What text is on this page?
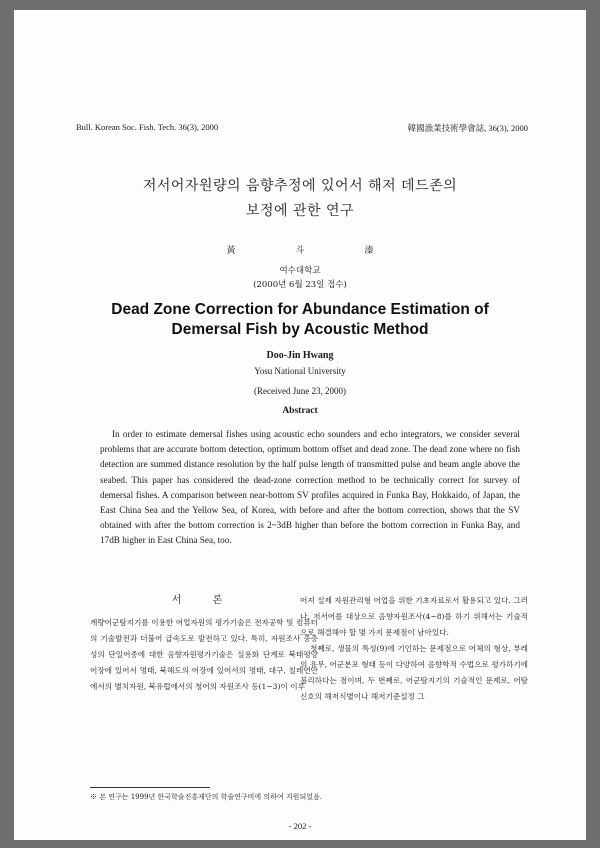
Bull. Korean Soc. Fish. Tech. 36(3), 2000	韓國漁業技術學會誌, 36(3), 2000
저서어자원량의 음향추정에 있어서 해저 데드존의
보정에 관한 연구
黃	斗	溱
여수대학교
(2000년 6월 23일 접수)
Dead Zone Correction for Abundance Estimation of
Demersal Fish by Acoustic Method
Doo-Jin Hwang
Yosu National University
(Received June 23, 2000)
Abstract
In order to estimate demersal fishes using acoustic echo sounders and echo integrators, we consider several problems that are accurate bottom detection, optimum bottom offset and dead zone. The dead zone where no fish detection are summed distance resolution by the half pulse length of transmitted pulse and beam angle above the seabed. This paper has considered the dead-zone correction method to be technically correct for survey of demersal fishes. A comparison between near-bottom SV profiles acquired in Funka Bay, Hokkaido, of Japan, the East China Sea and the Yellow Sea, of Korea, with before and after the bottom correction, shows that the SV obtained with after the bottom correction is 2~3dB higher than before the bottom correction in Funka Bay, and 17dB higher in East China Sea, too.
서 론
계량어군탐지기를 이용한 어업자원의 평가기술은 전자공학 및 컴퓨터의 기술발전과 더불어 급속도로 발전하고 있다. 특히, 자원조사 중층성의 단일어종에 대한 음향자원평가기술은 실용화 단계로 북태평양 어장에 있어서 명태, 북해도의 어장에 있어서의 명태, 대구, 칠레연안에서의 별치자원, 북유럽에서의 청어의 자원조사 등(1~3)이 이루
어져 실제 자원관리형 어업을 위한 기초자료로서 활용되고 있다. 그러나, 저서어를 대상으로 음향자원조사(4~8)를 하기 위해서는 기술적으로 해결해야 할 몇 가지 문제점이 남아있다.
첫째로, 생물의 특성(9)에 기인하는 문제점으로 어체의 형상, 부레의 유무, 어군분포 형태 등이 다양하여 음향학적 수법으로 평가하기에 불리하다는 점이며, 두 번째로, 어군탐지기의 기술적인 문제로, 어탐신호의 해저식별이나 해저기준설정 그
※ 본 연구는 1999년 한국학술진흥재단의 학술연구비에 의하여 지원되었음.
- 202 -
